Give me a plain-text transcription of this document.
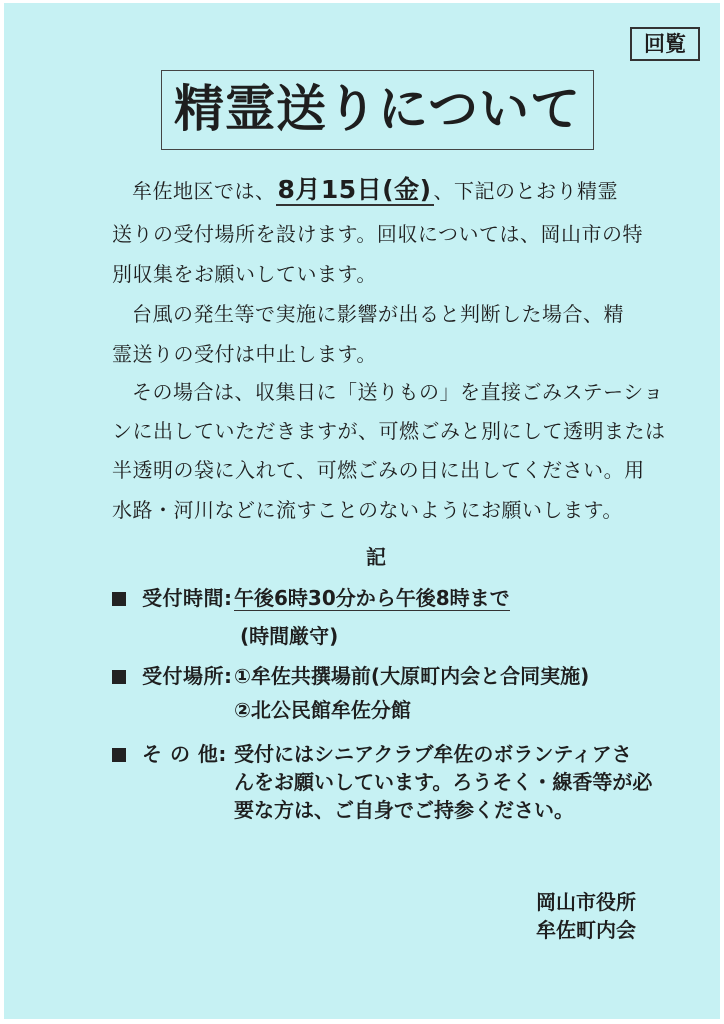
回覧
精霊送りについて
牟佐地区では、8月15日(金) 、下記のとおり精霊
送りの受付場所を設けます。回収については、岡山市の特
別収集をお願いしています。
台風の発生等で実施に影響が出ると判断した場合、精
霊送りの受付は中止します。
その場合は、収集日に「送りもの」を直接ごみステーショ
ンに出していただきますが、可燃ごみと別にして透明または
半透明の袋に入れて、可燃ごみの日に出してください。用
水路・河川などに流すことのないようにお願いします。
記
受付時間:午後6時30分から午後8時まで
(時間厳守)
受付場所:①牟佐共撰場前(大原町内会と合同実施)
②北公民館牟佐分館
そ の 他: 受付にはシニアクラブ牟佐のボランティアさ
んをお願いしています。ろうそく・線香等が必
要な方は、ご自身でご持参ください。
岡山市役所
牟佐町内会
